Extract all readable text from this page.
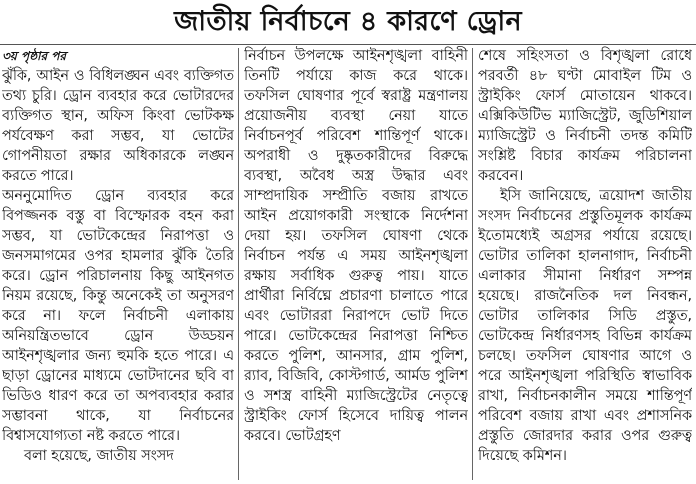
জাতীয় নির্বাচনে ৪ কারণে ড্রোন

৩য় পৃষ্ঠার পর

ঝুঁকি, আইন ও বিধিলঙ্ঘন এবং ব্যক্তিগত তথ্য চুরি। ড্রোন ব্যবহার করে ভোটারদের ব্যক্তিগত স্থান, অফিস কিংবা ভোটকক্ষ পর্যবেক্ষণ করা সম্ভব, যা ভোটের গোপনীয়তা রক্ষার অধিকারকে লঙ্ঘন করতে পারে।

অননুমোদিত ড্রোন ব্যবহার করে বিপজ্জনক বস্তু বা বিস্ফোরক বহন করা সম্ভব, যা ভোটকেন্দ্রের নিরাপত্তা ও জনসমাগমের ওপর হামলার ঝুঁকি তৈরি করে। ড্রোন পরিচালনায় কিছু আইনগত নিয়ম রয়েছে, কিন্তু অনেকেই তা অনুসরণ করে না। ফলে নির্বাচনী এলাকায় অনিয়ন্ত্রিতভাবে ড্রোন উড্ডয়ন আইনশৃঙ্খলার জন্য হুমকি হতে পারে। এ ছাড়া ড্রোনের মাধ্যমে ভোটদানের ছবি বা ভিডিও ধারণ করে তা অপব্যবহার করার সম্ভাবনা থাকে, যা নির্বাচনের বিশ্বাসযোগ্যতা নষ্ট করতে পারে।

বলা হয়েছে, জাতীয় সংসদ

নির্বাচন উপলক্ষে আইনশৃঙ্খলা বাহিনী তিনটি পর্যায়ে কাজ করে থাকে। তফসিল ঘোষণার পূর্বে স্বরাষ্ট্র মন্ত্রণালয় প্রয়োজনীয় ব্যবস্থা নেয়া যাতে নির্বাচনপূর্ব পরিবেশ শান্তিপূর্ণ থাকে। অপরাধী ও দুষ্কৃতকারীদের বিরুদ্ধে ব্যবস্থা, অবৈধ অস্ত্র উদ্ধার এবং সাম্প্রদায়িক সম্প্রীতি বজায় রাখতে আইন প্রয়োগকারী সংস্থাকে নির্দেশনা দেয়া হয়। তফসিল ঘোষণা থেকে নির্বাচন পর্যন্ত এ সময় আইনশৃঙ্খলা রক্ষায় সর্বাধিক গুরুত্ব পায়। যাতে প্রার্থীরা নির্বিঘ্নে প্রচারণা চালাতে পারে এবং ভোটাররা নিরাপদে ভোট দিতে পারে। ভোটকেন্দ্রের নিরাপত্তা নিশ্চিত করতে পুলিশ, আনসার, গ্রাম পুলিশ, র‍্যাব, বিজিবি, কোস্টগার্ড, আর্মড পুলিশ ও সশস্ত্র বাহিনী ম্যাজিস্ট্রেটের নেতৃত্বে স্ট্রাইকিং ফোর্স হিসেবে দায়িত্ব পালন করবে। ভোটগ্রহণ

শেষে সহিংসতা ও বিশৃঙ্খলা রোধে পরবর্তী ৪৮ ঘণ্টা মোবাইল টিম ও স্ট্রাইকিং ফোর্স মোতায়েন থাকবে। এক্সিকিউটিভ ম্যাজিস্ট্রেট, জুডিশিয়াল ম্যাজিস্ট্রেট ও নির্বাচনী তদন্ত কমিটি সংশ্লিষ্ট বিচার কার্যক্রম পরিচালনা করবেন।

ইসি জানিয়েছে, ত্রয়োদশ জাতীয় সংসদ নির্বাচনের প্রস্তুতিমূলক কার্যক্রম ইতোমধ্যেই অগ্রসর পর্যায়ে রয়েছে। ভোটার তালিকা হালনাগাদ, নির্বাচনী এলাকার সীমানা নির্ধারণ সম্পন্ন হয়েছে। রাজনৈতিক দল নিবন্ধন, ভোটার তালিকার সিডি প্রস্তুত, ভোটকেন্দ্র নির্ধারণসহ বিভিন্ন কার্যক্রম চলছে। তফসিল ঘোষণার আগে ও পরে আইনশৃঙ্খলা পরিস্থিতি স্বাভাবিক রাখা, নির্বাচনকালীন সময়ে শান্তিপূর্ণ পরিবেশ বজায় রাখা এবং প্রশাসনিক প্রস্তুতি জোরদার করার ওপর গুরুত্ব দিয়েছে কমিশন।
